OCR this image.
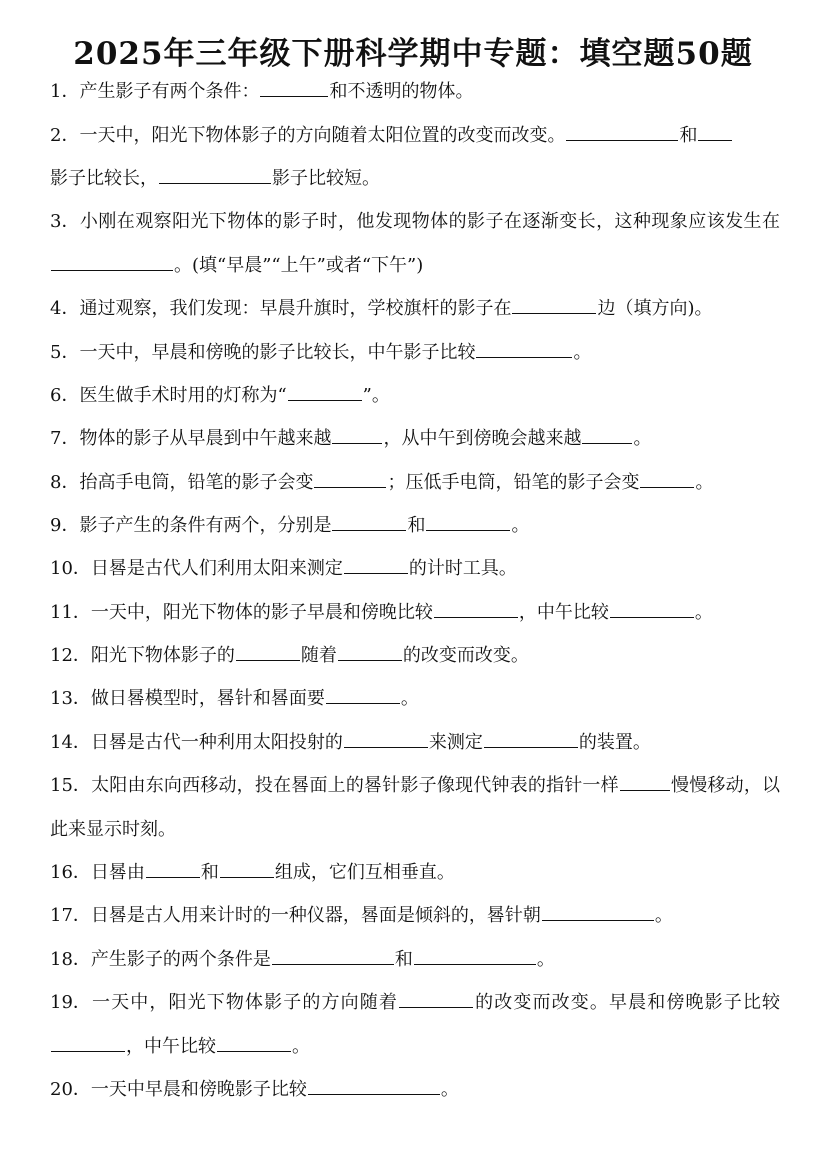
2025年三年级下册科学期中专题：填空题50题
1．产生影子有两个条件：	和不透明的物体。
2．一天中，阳光下物体影子的方向随着太阳位置的改变而改变。	和
影子比较长，	影子比较短。
3．小刚在观察阳光下物体的影子时，他发现物体的影子在逐渐变长，这种现象应该发生在。(填“早晨”“上午”或者“下午”)
4．通过观察，我们发现：早晨升旗时，学校旗杆的影子在	边（填方向)。
5．一天中，早晨和傍晚的影子比较长，中午影子比较	。
6．医生做手术时用的灯称为“	”。
7．物体的影子从早晨到中午越来越	，从中午到傍晚会越来越	。
8．抬高手电筒，铅笔的影子会变	；压低手电筒，铅笔的影子会变	。
9．影子产生的条件有两个，分别是	和	。
10．日晷是古代人们利用太阳来测定	的计时工具。
11．一天中，阳光下物体的影子早晨和傍晚比较	，中午比较	。
12．阳光下物体影子的	随着	的改变而改变。
13．做日晷模型时，晷针和晷面要	。
14．日晷是古代一种利用太阳投射的	来测定	的装置。
15．太阳由东向西移动，投在晷面上的晷针影子像现代钟表的指针一样	慢慢移动，以此来显示时刻。
16．日晷由	和	组成，它们互相垂直。
17．日晷是古人用来计时的一种仪器，晷面是倾斜的，晷针朝	。
18．产生影子的两个条件是	和	。
19．一天中，阳光下物体影子的方向随着	的改变而改变。早晨和傍晚影子比较，中午比较	。
20．一天中早晨和傍晚影子比较	。
